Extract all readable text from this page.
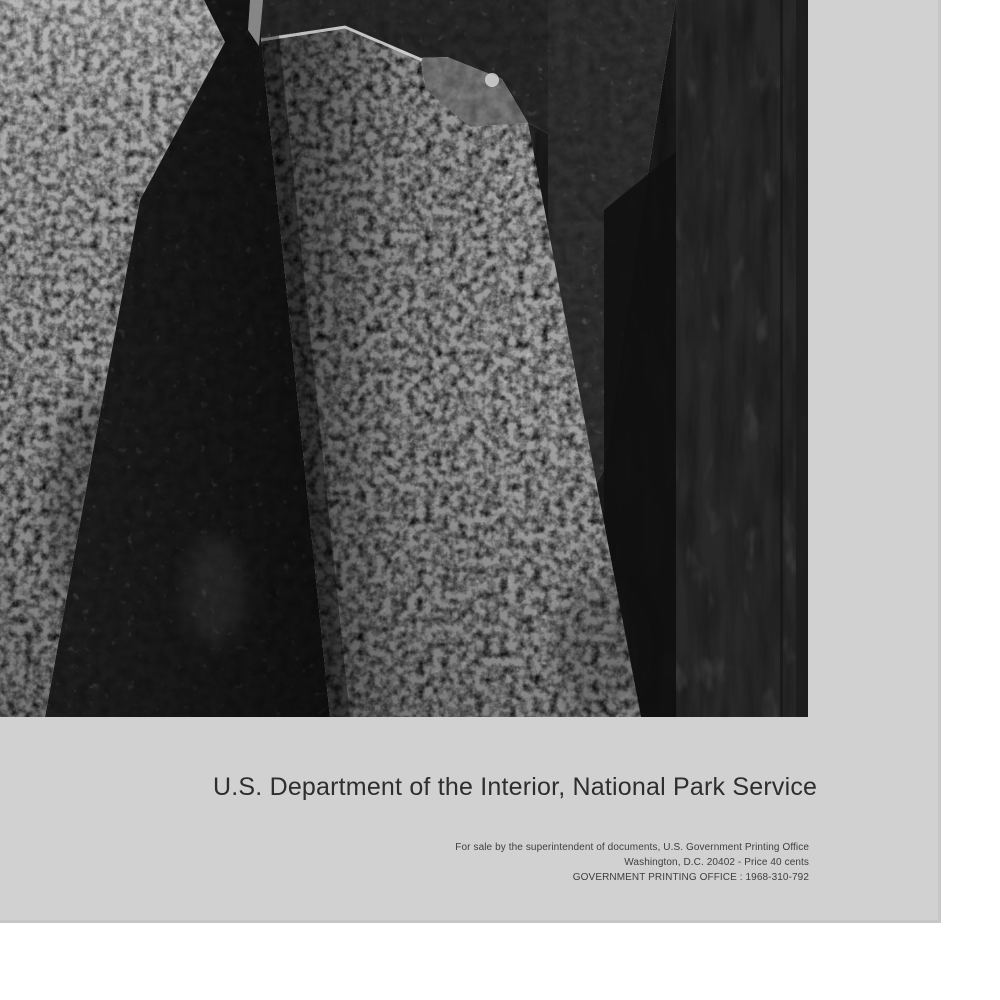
U.S. Department of the Interior, National Park Service
For sale by the superintendent of documents, U.S. Government Printing Office
Washington, D.C. 20402 - Price 40 cents
GOVERNMENT PRINTING OFFICE : 1968-310-792
